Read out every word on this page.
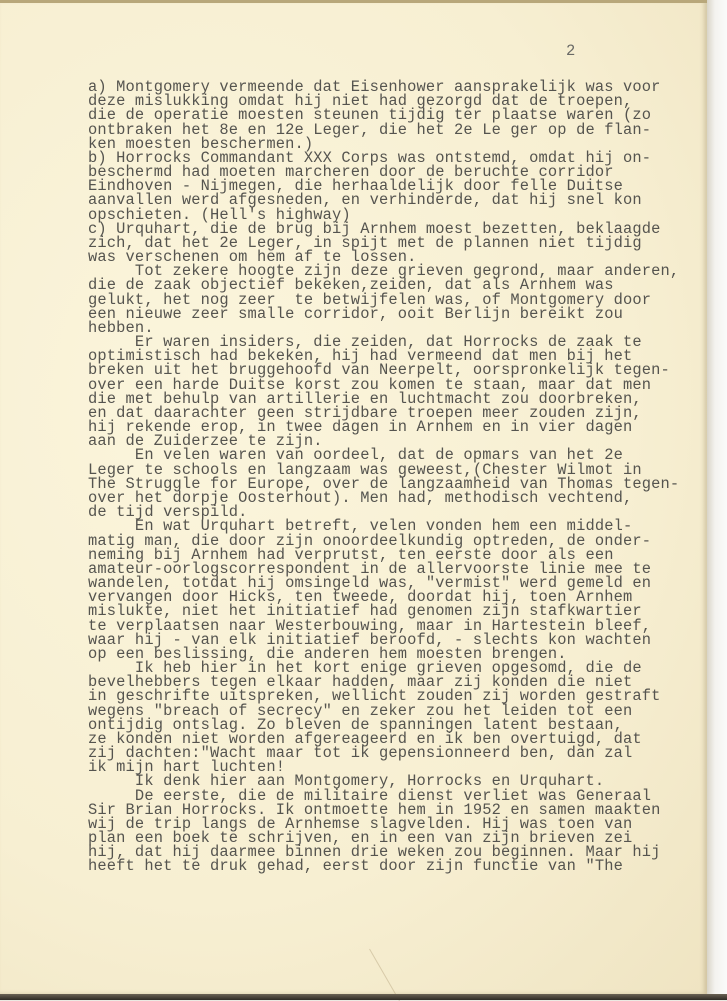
2
a) Montgomery vermeende dat Eisenhower aansprakelijk was voor
deze mislukking omdat hij niet had gezorgd dat de troepen,
die de operatie moesten steunen tijdig ter plaatse waren (zo
ontbraken het 8e en 12e Leger, die het 2e Le ger op de flan-
ken moesten beschermen.)
b) Horrocks Commandant XXX Corps was ontstemd, omdat hij on-
beschermd had moeten marcheren door de beruchte corridor
Eindhoven - Nijmegen, die herhaaldelijk door felle Duitse
aanvallen werd afgesneden, en verhinderde, dat hij snel kon
opschieten. (Hell's highway)
c) Urquhart, die de brug bij Arnhem moest bezetten, beklaagde
zich, dat het 2e Leger, in spijt met de plannen niet tijdig
was verschenen om hem af te lossen.
Tot zekere hoogte zijn deze grieven gegrond, maar anderen,
die de zaak objectief bekeken,zeiden, dat als Arnhem was
gelukt, het nog zeer  te betwijfelen was, of Montgomery door
een nieuwe zeer smalle corridor, ooit Berlijn bereikt zou
hebben.
Er waren insiders, die zeiden, dat Horrocks de zaak te
optimistisch had bekeken, hij had vermeend dat men bij het
breken uit het bruggehoofd van Neerpelt, oorspronkelijk tegen-
over een harde Duitse korst zou komen te staan, maar dat men
die met behulp van artillerie en luchtmacht zou doorbreken,
en dat daarachter geen strijdbare troepen meer zouden zijn,
hij rekende erop, in twee dagen in Arnhem en in vier dagen
aan de Zuiderzee te zijn.
En velen waren van oordeel, dat de opmars van het 2e
Leger te schools en langzaam was geweest,(Chester Wilmot in
The Struggle for Europe, over de langzaamheid van Thomas tegen-
over het dorpje Oosterhout). Men had, methodisch vechtend,
de tijd verspild.
En wat Urquhart betreft, velen vonden hem een middel-
matig man, die door zijn onoordeelkundig optreden, de onder-
neming bij Arnhem had verprutst, ten eerste door als een
amateur-oorlogscorrespondent in de allervoorste linie mee te
wandelen, totdat hij omsingeld was, "vermist" werd gemeld en
vervangen door Hicks, ten tweede, doordat hij, toen Arnhem
mislukte, niet het initiatief had genomen zijn stafkwartier
te verplaatsen naar Westerbouwing, maar in Hartestein bleef,
waar hij - van elk initiatief beroofd, - slechts kon wachten
op een beslissing, die anderen hem moesten brengen.
Ik heb hier in het kort enige grieven opgesomd, die de
bevelhebbers tegen elkaar hadden, maar zij konden die niet
in geschrifte uitspreken, wellicht zouden zij worden gestraft
wegens "breach of secrecy" en zeker zou het leiden tot een
ontijdig ontslag. Zo bleven de spanningen latent bestaan,
ze konden niet worden afgereageerd en ik ben overtuigd, dat
zij dachten:"Wacht maar tot ik gepensionneerd ben, dan zal
ik mijn hart luchten!
Ik denk hier aan Montgomery, Horrocks en Urquhart.
De eerste, die de militaire dienst verliet was Generaal
Sir Brian Horrocks. Ik ontmoette hem in 1952 en samen maakten
wij de trip langs de Arnhemse slagvelden. Hij was toen van
plan een boek te schrijven, en in een van zijn brieven zei
hij, dat hij daarmee binnen drie weken zou beginnen. Maar hij
heeft het te druk gehad, eerst door zijn functie van "The
